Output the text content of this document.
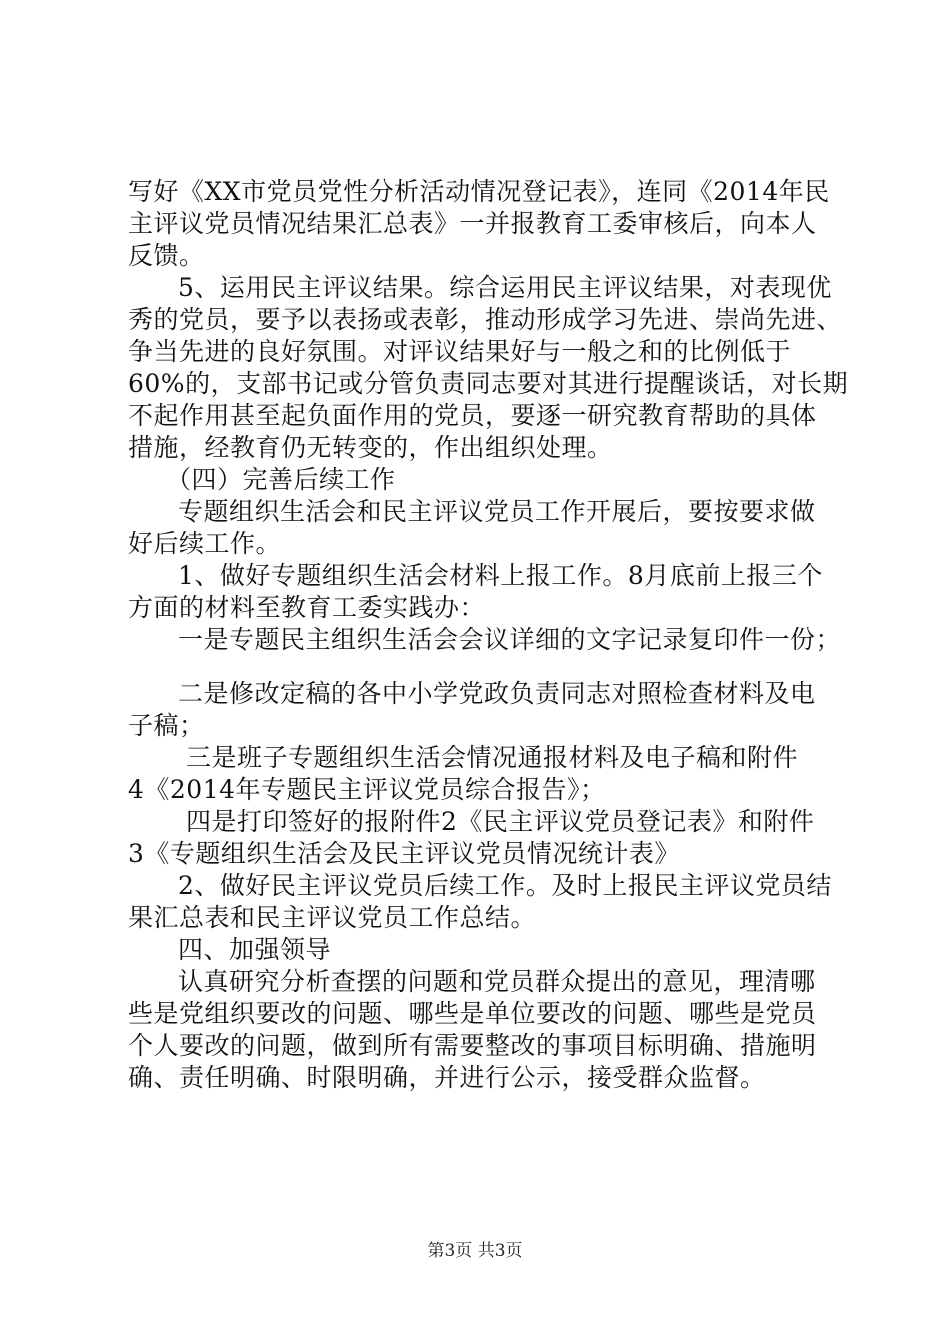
写好《XX市党员党性分析活动情况登记表》，连同《2014年民
主评议党员情况结果汇总表》一并报教育工委审核后，向本人
反馈。
5、运用民主评议结果。综合运用民主评议结果，对表现优
秀的党员，要予以表扬或表彰，推动形成学习先进、崇尚先进、
争当先进的良好氛围。对评议结果好与一般之和的比例低于
60%的，支部书记或分管负责同志要对其进行提醒谈话，对长期
不起作用甚至起负面作用的党员，要逐一研究教育帮助的具体
措施，经教育仍无转变的，作出组织处理。
（四）完善后续工作
专题组织生活会和民主评议党员工作开展后，要按要求做
好后续工作。
1、做好专题组织生活会材料上报工作。8月底前上报三个
方面的材料至教育工委实践办：
一是专题民主组织生活会会议详细的文字记录复印件一份；
二是修改定稿的各中小学党政负责同志对照检查材料及电
子稿；
三是班子专题组织生活会情况通报材料及电子稿和附件
4《2014年专题民主评议党员综合报告》；
四是打印签好的报附件2《民主评议党员登记表》和附件
3《专题组织生活会及民主评议党员情况统计表》
2、做好民主评议党员后续工作。及时上报民主评议党员结
果汇总表和民主评议党员工作总结。
四、加强领导
认真研究分析查摆的问题和党员群众提出的意见，理清哪
些是党组织要改的问题、哪些是单位要改的问题、哪些是党员
个人要改的问题，做到所有需要整改的事项目标明确、措施明
确、责任明确、时限明确，并进行公示，接受群众监督。
第3页 共3页
